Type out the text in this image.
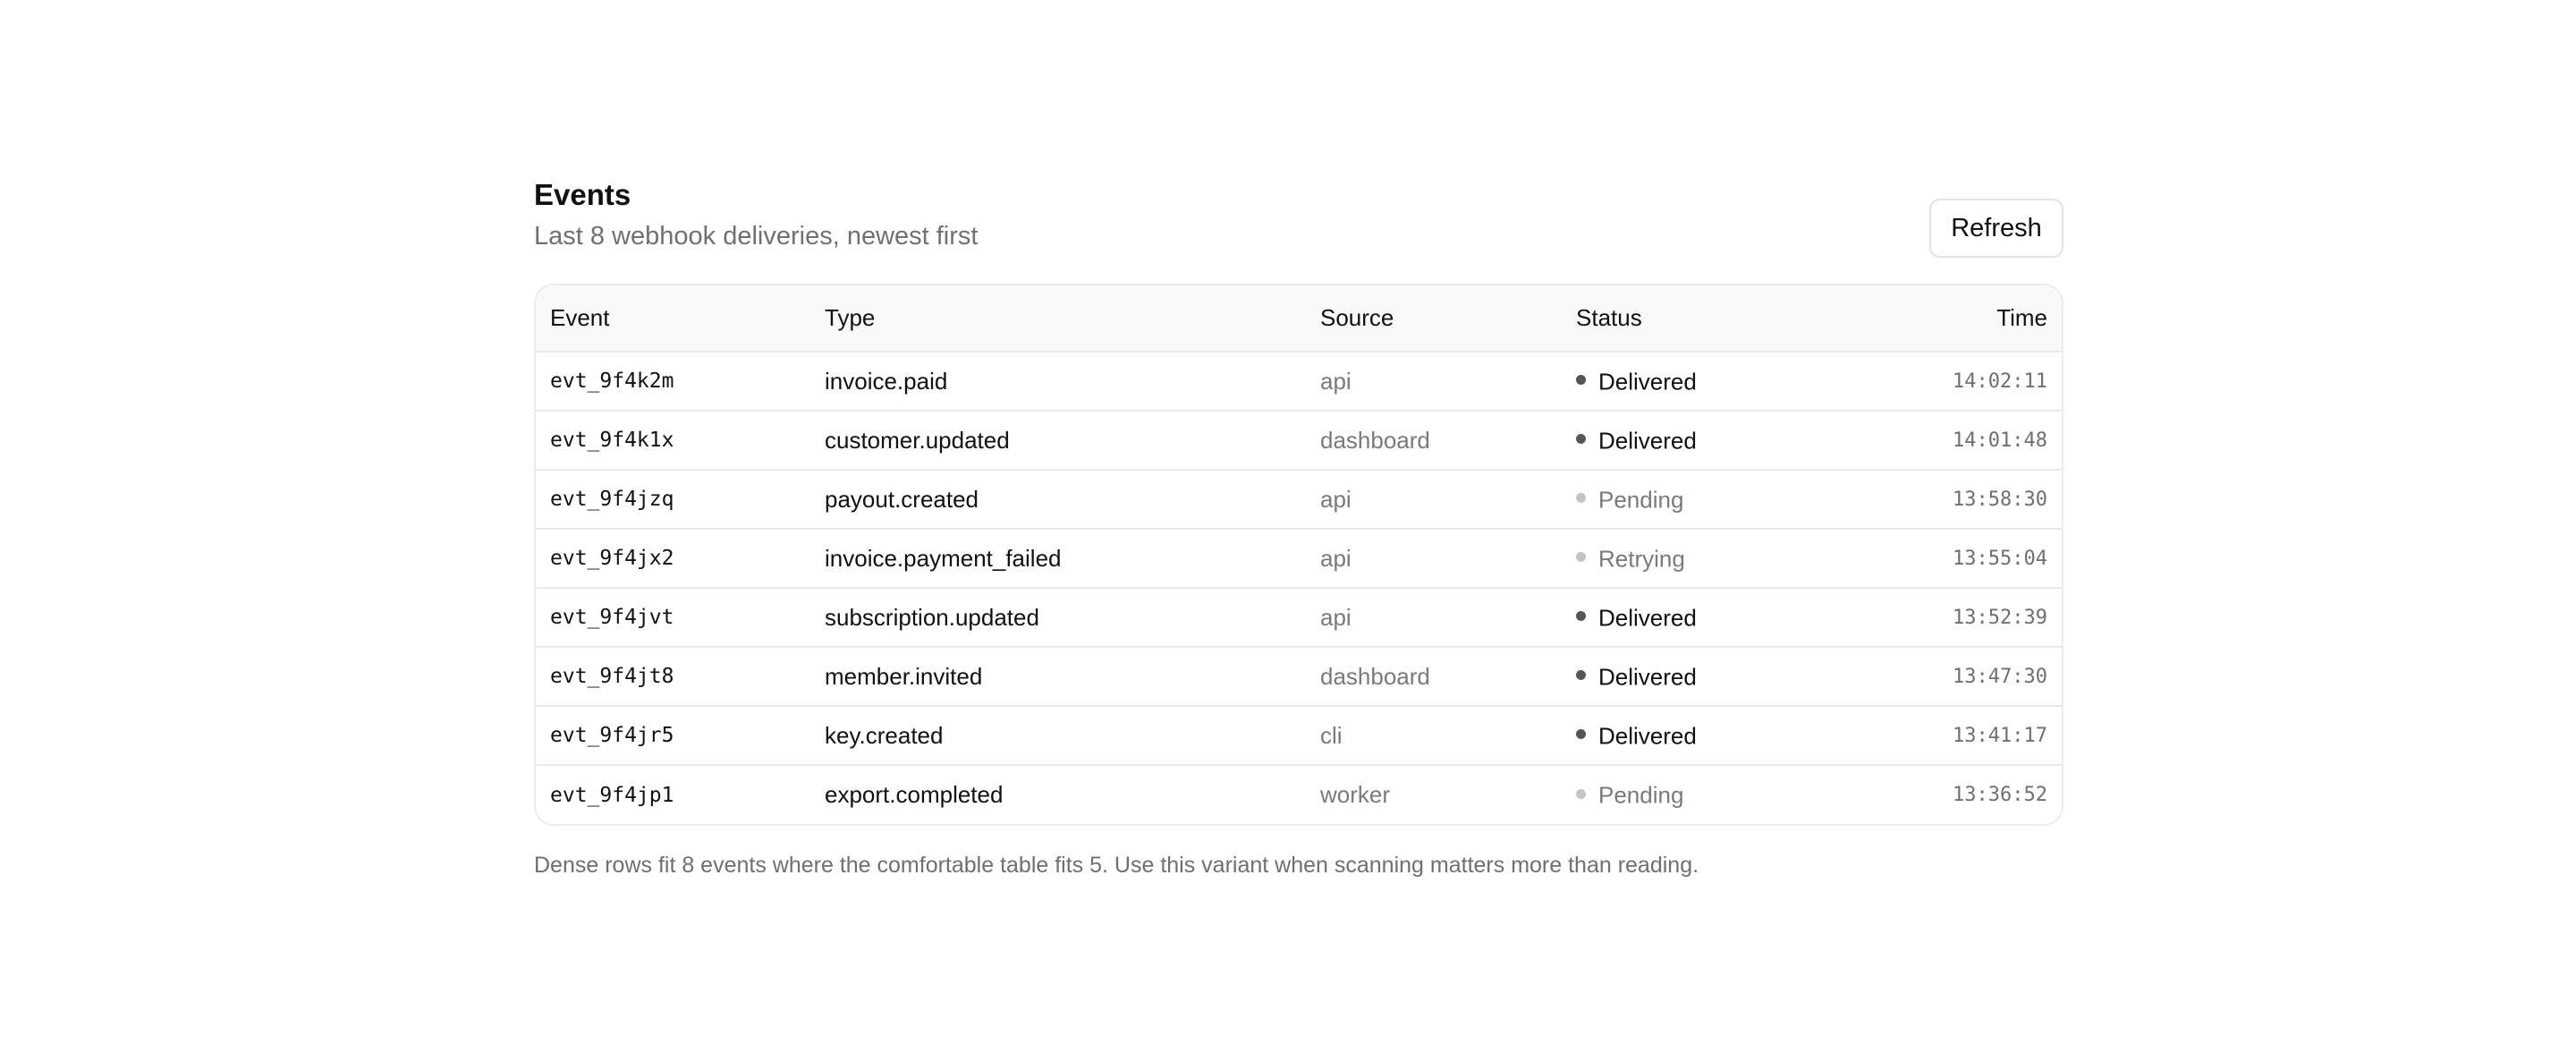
Events

Last 8 webhook deliveries, newest first	Refresh
Event	Type	Source	Status	Time
evt_9f4k2m	invoice.paid	api	Delivered	14:02:11
evt_9f4k1x	customer.updated	dashboard	Delivered	14:01:48
evt_9f4jzq	payout.created	api	Pending	13:58:30
evt_9f4jx2	invoice.payment_failed	api	Retrying	13:55:04
evt_9f4jvt	subscription.updated	api	Delivered	13:52:39
evt_9f4jt8	member.invited	dashboard	Delivered	13:47:30
evt_9f4jr5	key.created	cli	Delivered	13:41:17
evt_9f4jp1	export.completed	worker	Pending	13:36:52
Dense rows fit 8 events where the comfortable table fits 5. Use this variant when scanning matters more than reading.
